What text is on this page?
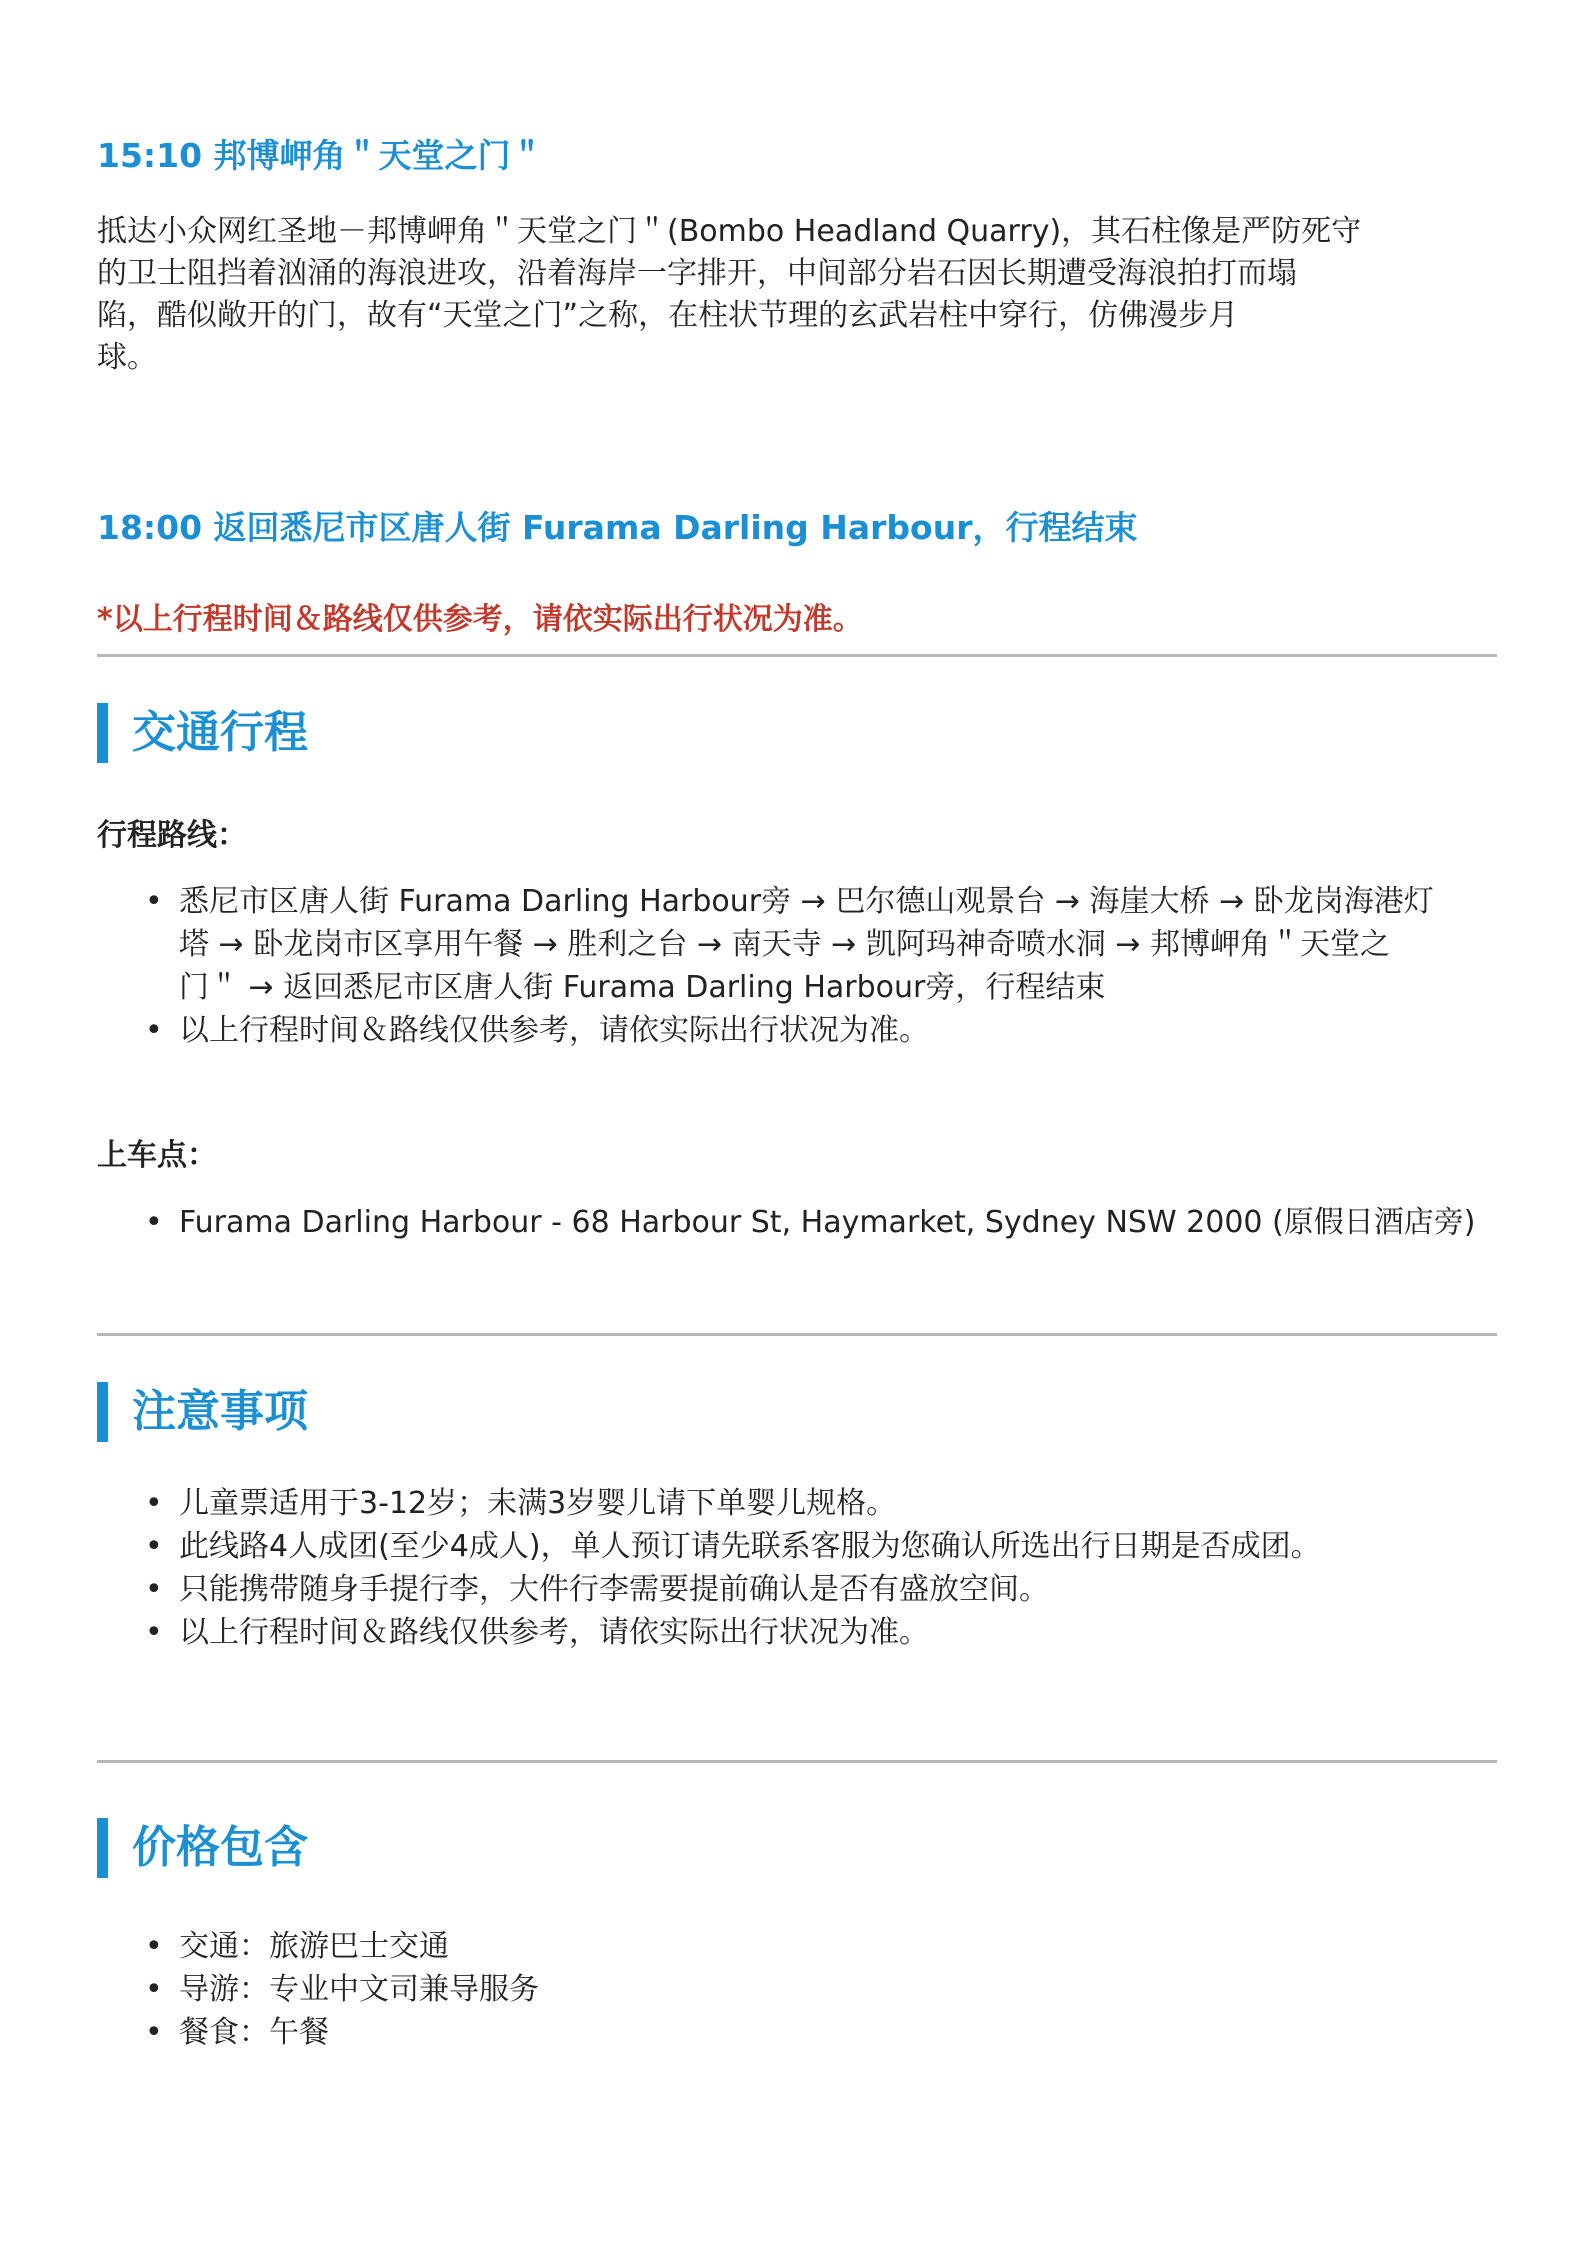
15:10 邦博岬角＂天堂之门＂
抵达小众网红圣地－邦博岬角＂天堂之门＂(Bombo Headland Quarry)，其石柱像是严防死守
的卫士阻挡着汹涌的海浪进攻，沿着海岸一字排开，中间部分岩石因长期遭受海浪拍打而塌
陷，酷似敞开的门，故有“天堂之门”之称，在柱状节理的玄武岩柱中穿行，仿佛漫步月
球。
18:00 返回悉尼市区唐人街 Furama Darling Harbour，行程结束
*以上行程时间＆路线仅供参考，请依实际出行状况为准。
交通行程
行程路线：
• 悉尼市区唐人街 Furama Darling Harbour旁 → 巴尔德山观景台 → 海崖大桥 → 卧龙岗海港灯
塔 → 卧龙岗市区享用午餐 → 胜利之台 → 南天寺 → 凯阿玛神奇喷水洞 → 邦博岬角＂天堂之
门＂ → 返回悉尼市区唐人街 Furama Darling Harbour旁，行程结束
• 以上行程时间＆路线仅供参考，请依实际出行状况为准。
上车点：
• Furama Darling Harbour - 68 Harbour St, Haymarket, Sydney NSW 2000 (原假日酒店旁)
注意事项
• 儿童票适用于3-12岁；未满3岁婴儿请下单婴儿规格。
• 此线路4人成团(至少4成人)，单人预订请先联系客服为您确认所选出行日期是否成团。
• 只能携带随身手提行李，大件行李需要提前确认是否有盛放空间。
• 以上行程时间＆路线仅供参考，请依实际出行状况为准。
价格包含
• 交通：旅游巴士交通
• 导游：专业中文司兼导服务
• 餐食：午餐
